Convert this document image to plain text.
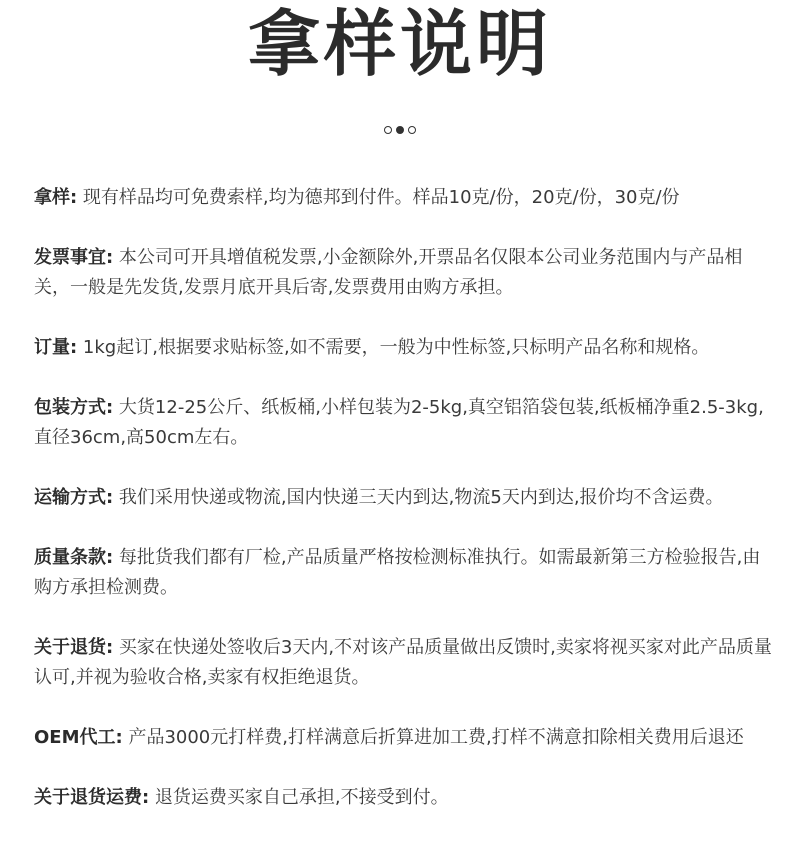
拿样说明

拿样: 现有样品均可免费索样,均为德邦到付件。样品10克/份，20克/份，30克/份

发票事宜: 本公司可开具增值税发票,小金额除外,开票品名仅限本公司业务范围内与产品相关，一般是先发货,发票月底开具后寄,发票费用由购方承担。

订量: 1kg起订,根据要求贴标签,如不需要，一般为中性标签,只标明产品名称和规格。

包装方式: 大货12-25公斤、纸板桶,小样包装为2-5kg,真空铝箔袋包装,纸板桶净重2.5-3kg,直径36cm,高50cm左右。

运输方式: 我们采用快递或物流,国内快递三天内到达,物流5天内到达,报价均不含运费。

质量条款: 每批货我们都有厂检,产品质量严格按检测标准执行。如需最新第三方检验报告,由购方承担检测费。

关于退货: 买家在快递处签收后3天内,不对该产品质量做出反馈时,卖家将视买家对此产品质量认可,并视为验收合格,卖家有权拒绝退货。

OEM代工: 产品3000元打样费,打样满意后折算进加工费,打样不满意扣除相关费用后退还

关于退货运费: 退货运费买家自己承担,不接受到付。
